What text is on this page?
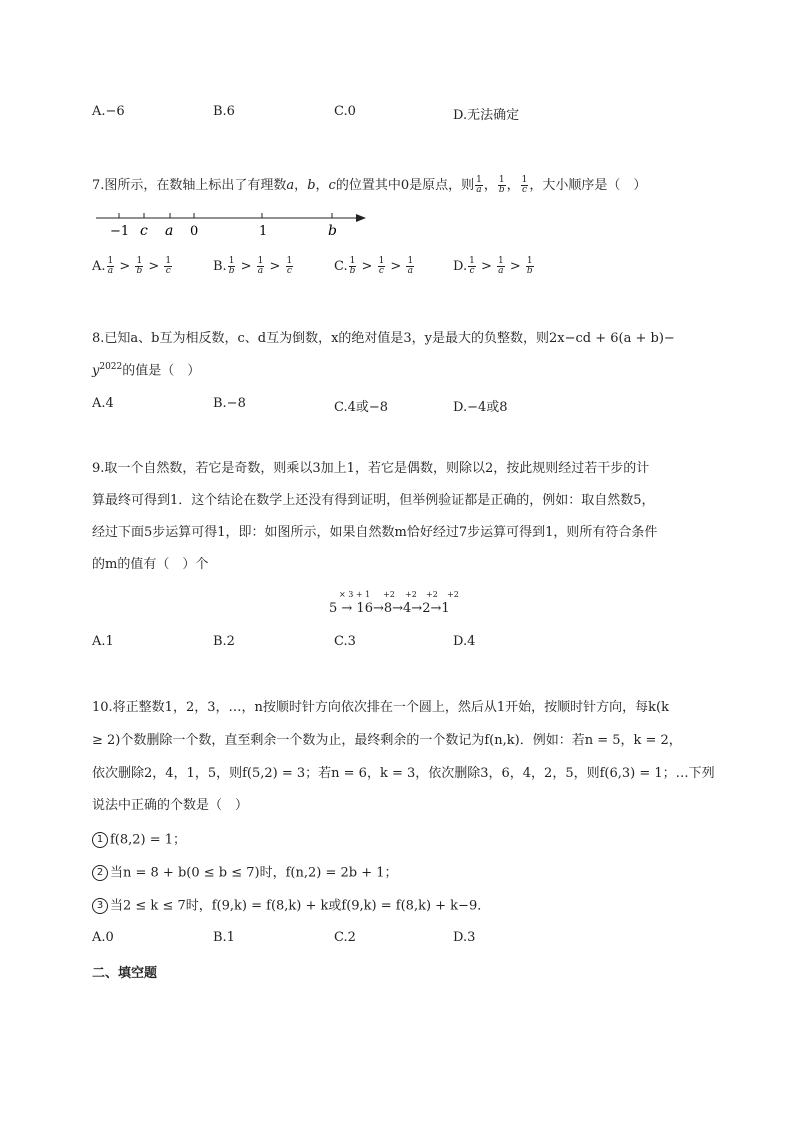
A.−6	B.6	C.0	D.无法确定
7.图所示，在数轴上标出了有理数a，b，c的位置其中0是原点，则 $\frac{1}{a}$ ， $\frac{1}{b}$ ， $\frac{1}{c}$ ，大小顺序是（　）
−1 c a 0	1	b
A. $\frac{1}{a} > \frac{1}{b} > \frac{1}{c}$	B. $\frac{1}{b} > \frac{1}{a} > \frac{1}{c}$	C. $\frac{1}{b} > \frac{1}{c} > \frac{1}{a}$	D. $\frac{1}{c} > \frac{1}{a} > \frac{1}{b}$
8.已知a、b互为相反数，c、d互为倒数，x的绝对值是3，y是最大的负整数，则2x−cd + 6(a + b)−
$y^{2022}$的值是（　）
A.4	B.−8	C.4或−8	D.−4或8
9.取一个自然数，若它是奇数，则乘以3加上1，若它是偶数，则除以2，按此规则经过若干步的计
算最终可得到1．这个结论在数学上还没有得到证明，但举例验证都是正确的，例如：取自然数5，
经过下面5步运算可得1，即：如图所示，如果自然数m恰好经过7步运算可得到1，则所有符合条件
的m的值有（　）个
× 3 + 1 +2 +2 +2 +2
5 → 16→8→4→2→1
A.1	B.2	C.3	D.4
10.将正整数1，2，3，…，n按顺时针方向依次排在一个圆上，然后从1开始，按顺时针方向，每k(k
≥ 2)个数删除一个数，直至剩余一个数为止，最终剩余的一个数记为f(n,k)．例如：若n = 5，k = 2，
依次删除2，4，1，5，则f(5,2) = 3；若n = 6，k = 3，依次删除3，6，4，2，5，则f(6,3) = 1；…下列
说法中正确的个数是（　）
1 f(8,2) = 1；
2 当n = 8 + b(0 ≤ b ≤ 7)时，f(n,2) = 2b + 1；
3 当2 ≤ k ≤ 7时，f(9,k) = f(8,k) + k或f(9,k) = f(8,k) + k−9．
A.0	B.1	C.2	D.3
二、填空题
